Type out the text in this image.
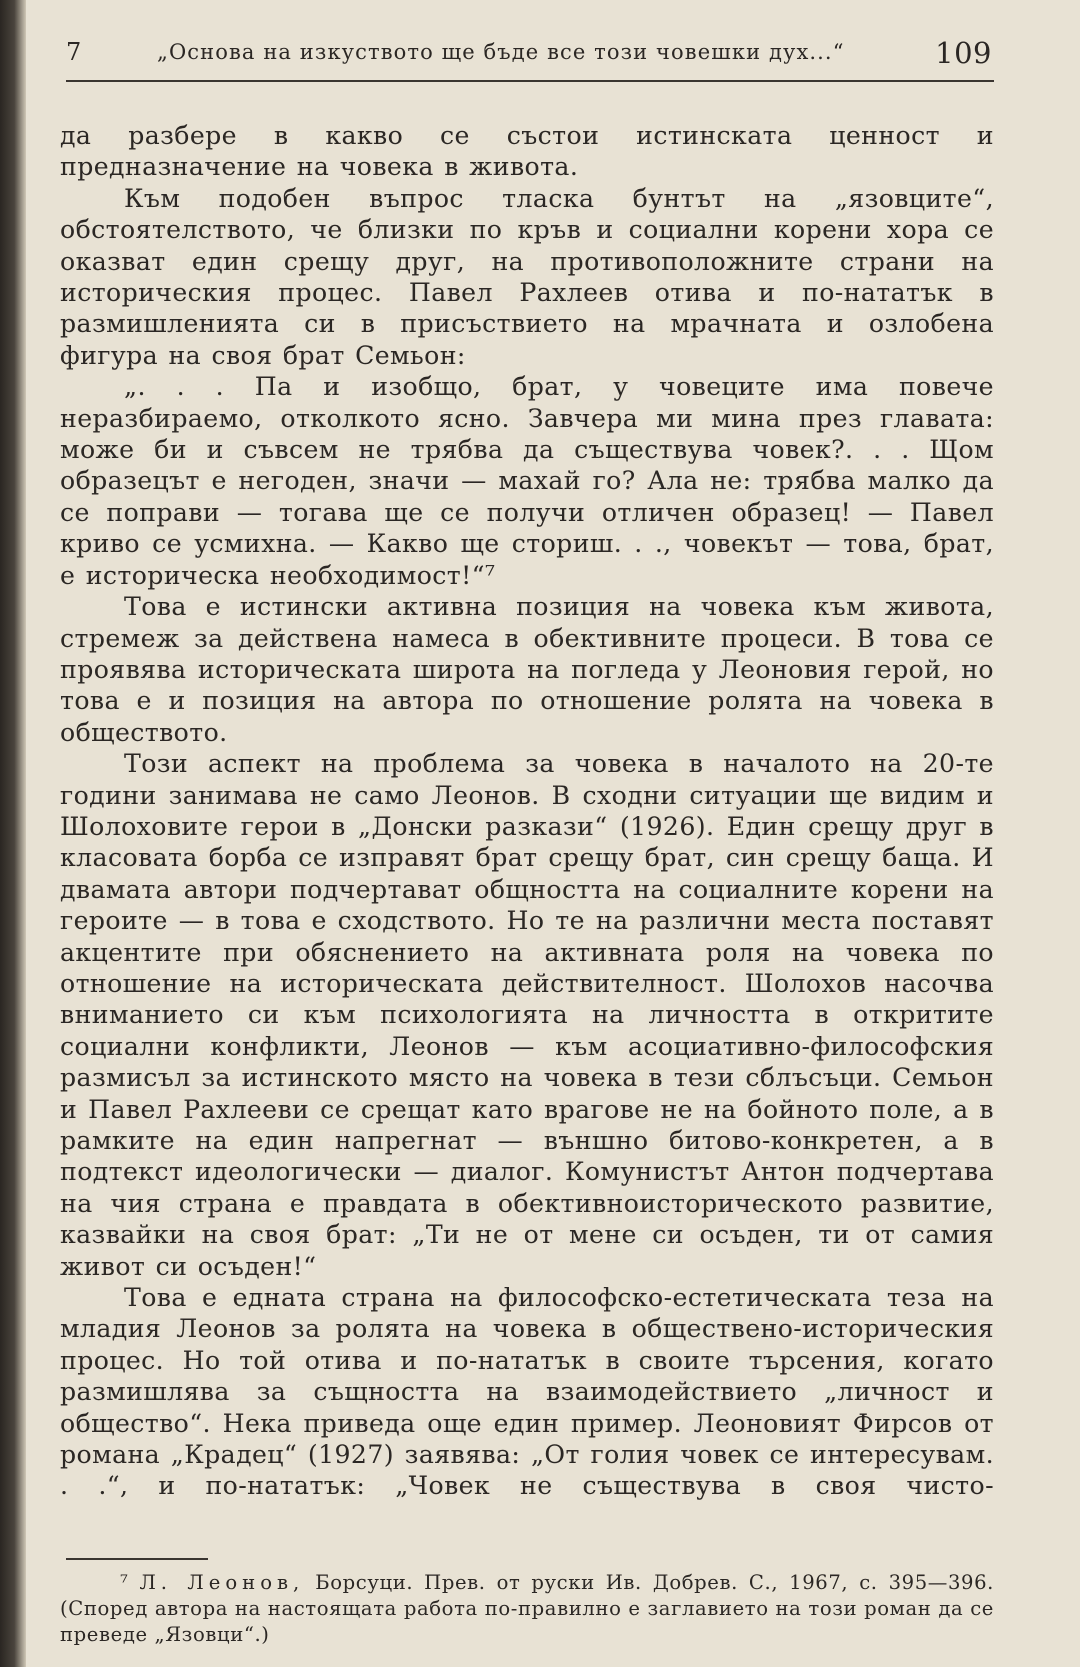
7	„Основа на изкуството ще бъде все този човешки дух...“	109

да разбере в какво се състои истинската ценност и предназначение на човека в живота.

Към подобен въпрос тласка бунтът на „язовците“, обстоятелството, че близки по кръв и социални корени хора се оказват един срещу друг, на противоположните страни на историческия процес. Павел Рахлеев отива и по-нататък в размишленията си в присъствието на мрачната и озлобена фигура на своя брат Семьон:

„. . . Па и изобщо, брат, у човеците има повече неразбираемо, отколкото ясно. Завчера ми мина през главата: може би и съвсем не трябва да съществува човек?. . . Щом образецът е негоден, значи — махай го? Ала не: трябва малко да се поправи — тогава ще се получи отличен образец! — Павел криво се усмихна. — Какво ще сториш. . ., човекът — това, брат, е историческа необходимост!“⁷

Това е истински активна позиция на човека към живота, стремеж за действена намеса в обективните процеси. В това се проявява историческата широта на погледа у Леоновия герой, но това е и позиция на автора по отношение ролята на човека в обществото.

Този аспект на проблема за човека в началото на 20-те години занимава не само Леонов. В сходни ситуации ще видим и Шолоховите герои в „Донски разкази“ (1926). Един срещу друг в класовата борба се изправят брат срещу брат, син срещу баща. И двамата автори подчертават общността на социалните корени на героите — в това е сходството. Но те на различни места поставят акцентите при обяснението на активната роля на човека по отношение на историческата действителност. Шолохов насочва вниманието си към психологията на личността в откритите социални конфликти, Леонов — към асоциативно-философския размисъл за истинското място на човека в тези сблъсъци. Семьон и Павел Рахлееви се срещат като врагове не на бойното поле, а в рамките на един напрегнат — външно битово-конкретен, а в подтекст идеологически — диалог. Комунистът Антон подчертава на чия страна е правдата в обективноисторическото развитие, казвайки на своя брат: „Ти не от мене си осъден, ти от самия живот си осъден!“

Това е едната страна на философско-естетическата теза на младия Леонов за ролята на човека в обществено-историческия процес. Но той отива и по-нататък в своите търсения, когато размишлява за същността на взаимодействието „личност и общество“. Нека приведа още един пример. Леоновият Фирсов от романа „Крадец“ (1927) заявява: „От голия човек се интересувам. . .“, и по-нататък: „Човек не съществува в своя чисто-

⁷ Л. Леонов, Борсуци. Прев. от руски Ив. Добрев. С., 1967, с. 395—396. (Според автора на настоящата работа по-правилно е заглавието на този роман да се преведе „Язовци“.)
